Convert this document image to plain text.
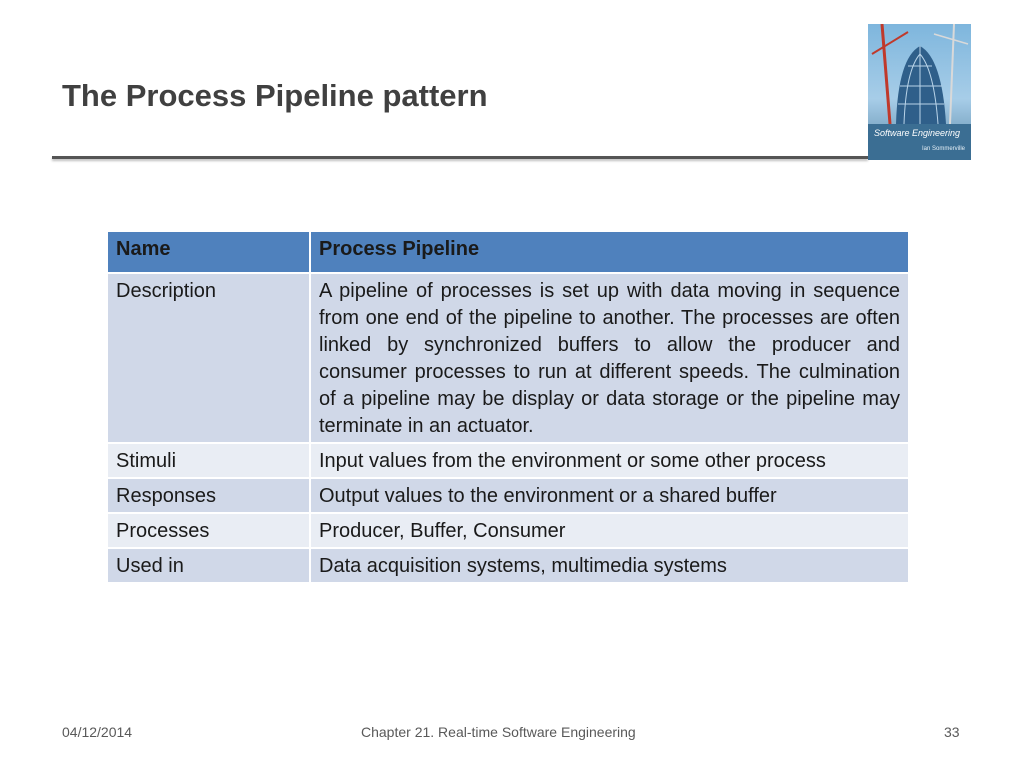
The Process Pipeline pattern
Software Engineering
Ian Sommerville
Name	Process Pipeline
Description	A pipeline of processes is set up with data moving in sequence from one end of the pipeline to another. The processes are often linked by synchronized buffers to allow the producer and consumer processes to run at different speeds. The culmination of a pipeline may be display or data storage or the pipeline may terminate in an actuator.
Stimuli	Input values from the environment or some other process
Responses	Output values to the environment or a shared buffer
Processes	Producer, Buffer, Consumer
Used in	Data acquisition systems, multimedia systems
04/12/2014	Chapter 21. Real-time Software Engineering	33
